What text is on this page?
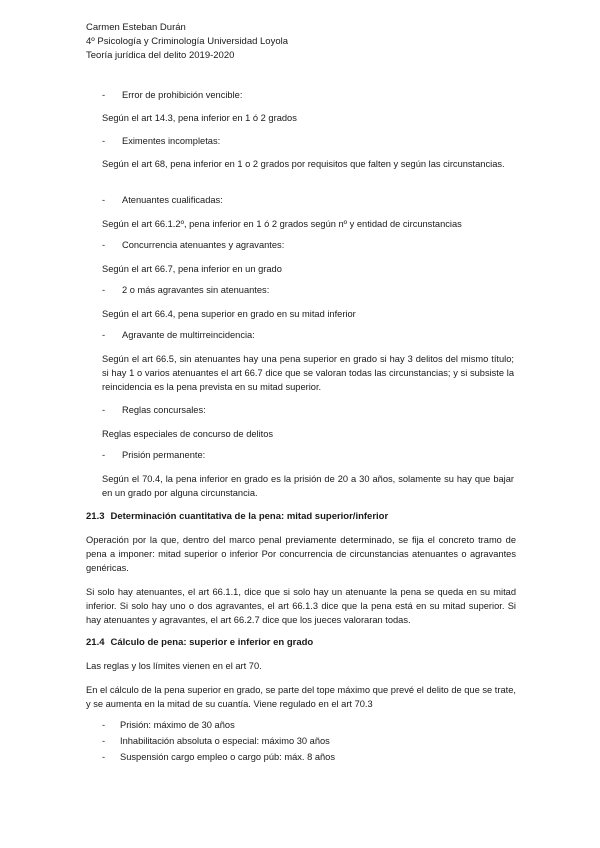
Carmen Esteban Durán
4º Psicología y Criminología Universidad Loyola
Teoría jurídica del delito 2019-2020
- Error de prohibición vencible:
Según el art 14.3, pena inferior en 1 ó 2 grados
- Eximentes incompletas:
Según el art 68, pena inferior en 1 o 2 grados por requisitos que falten y según las circunstancias.
- Atenuantes cualificadas:
Según el art 66.1.2º, pena inferior en 1 ó 2 grados según nº y entidad de circunstancias
- Concurrencia atenuantes y agravantes:
Según el art 66.7, pena inferior en un grado
- 2 o más agravantes sin atenuantes:
Según el art 66.4, pena superior en grado en su mitad inferior
- Agravante de multirreincidencia:
Según el art 66.5, sin atenuantes hay una pena superior en grado si hay 3 delitos del mismo título; si hay 1 o varios atenuantes el art 66.7 dice que se valoran todas las circunstancias; y si subsiste la reincidencia es la pena prevista en su mitad superior.
- Reglas concursales:
Reglas especiales de concurso de delitos
- Prisión permanente:
Según el 70.4, la pena inferior en grado es la prisión de 20 a 30 años, solamente su hay que bajar en un grado por alguna circunstancia.
21.3 Determinación cuantitativa de la pena: mitad superior/inferior
Operación por la que, dentro del marco penal previamente determinado, se fija el concreto tramo de pena a imponer: mitad superior o inferior Por concurrencia de circunstancias atenuantes o agravantes genéricas.
Si solo hay atenuantes, el art 66.1.1, dice que si solo hay un atenuante la pena se queda en su mitad inferior. Si solo hay uno o dos agravantes, el art 66.1.3 dice que la pena está en su mitad superior. Si hay atenuantes y agravantes, el art 66.2.7 dice que los jueces valoraran todas.
21.4 Cálculo de pena: superior e inferior en grado
Las reglas y los límites vienen en el art 70.
En el cálculo de la pena superior en grado, se parte del tope máximo que prevé el delito de que se trate, y se aumenta en la mitad de su cuantía. Viene regulado en el art 70.3
- Prisión: máximo de 30 años
- Inhabilitación absoluta o especial: máximo 30 años
- Suspensión cargo empleo o cargo púb: máx. 8 años
